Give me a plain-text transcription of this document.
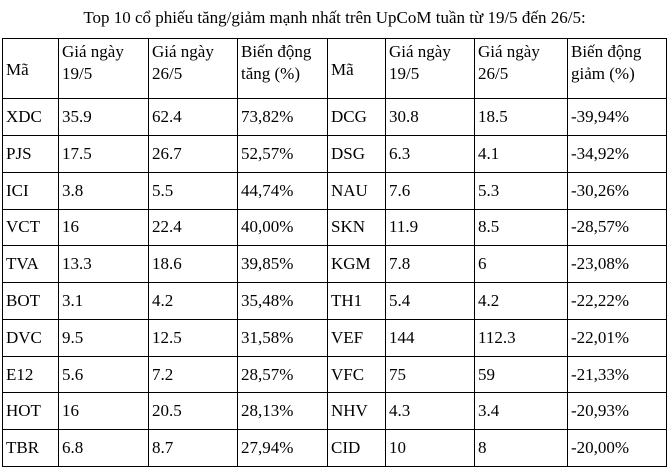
Top 10 cổ phiếu tăng/giảm mạnh nhất trên UpCoM tuần từ 19/5 đến 26/5:
Mã	Giá ngày 19/5	Giá ngày 26/5	Biến động tăng (%)	Mã	Giá ngày 19/5	Giá ngày 26/5	Biến động giảm (%)
XDC	35.9	62.4	73,82%	DCG	30.8	18.5	-39,94%
PJS	17.5	26.7	52,57%	DSG	6.3	4.1	-34,92%
ICI	3.8	5.5	44,74%	NAU	7.6	5.3	-30,26%
VCT	16	22.4	40,00%	SKN	11.9	8.5	-28,57%
TVA	13.3	18.6	39,85%	KGM	7.8	6	-23,08%
BOT	3.1	4.2	35,48%	TH1	5.4	4.2	-22,22%
DVC	9.5	12.5	31,58%	VEF	144	112.3	-22,01%
E12	5.6	7.2	28,57%	VFC	75	59	-21,33%
HOT	16	20.5	28,13%	NHV	4.3	3.4	-20,93%
TBR	6.8	8.7	27,94%	CID	10	8	-20,00%
